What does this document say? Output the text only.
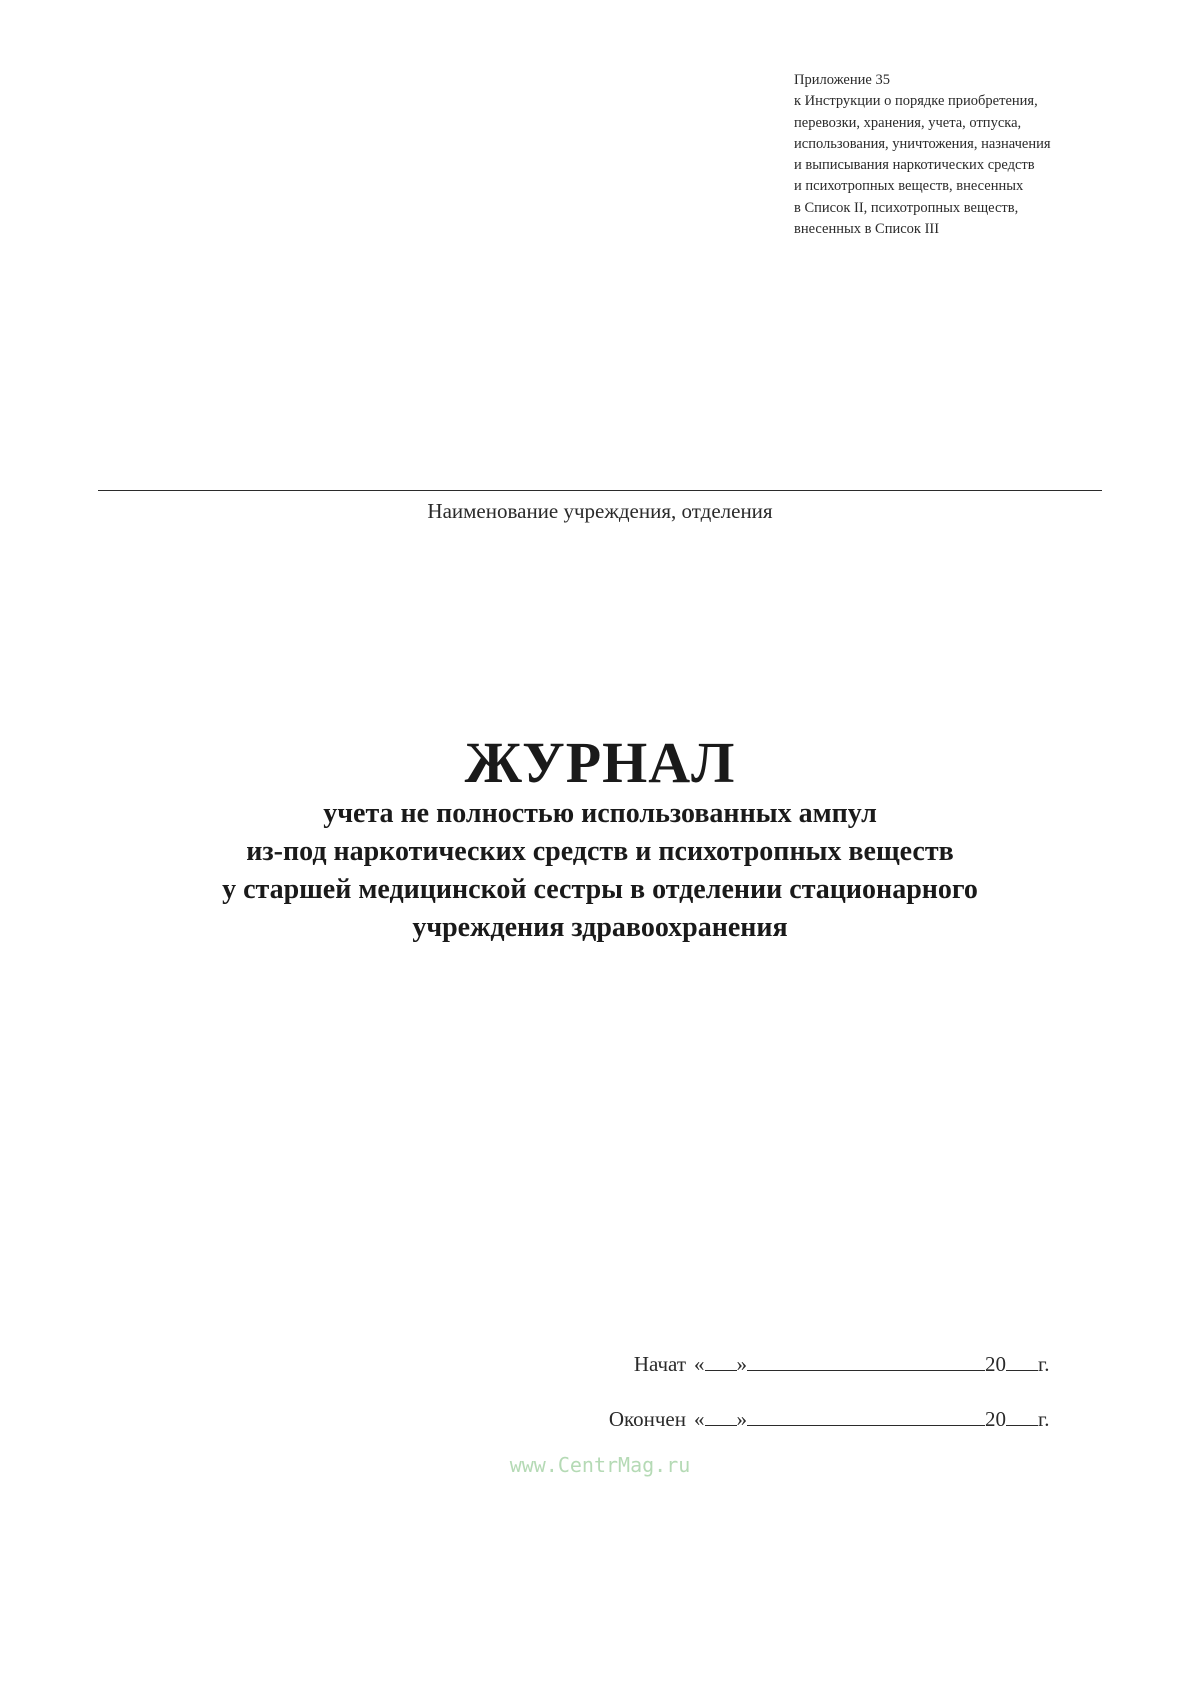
Приложение 35
к Инструкции о порядке приобретения,
перевозки, хранения, учета, отпуска,
использования, уничтожения, назначения
и выписывания наркотических средств
и психотропных веществ, внесенных
в Список II, психотропных веществ,
внесенных в Список III
Наименование учреждения, отделения
ЖУРНАЛ
учета не полностью использованных ампул
из-под наркотических средств и психотропных веществ
у старшей медицинской сестры в отделении стационарного
учреждения здравоохранения
Начат « »	20 г.
Окончен « »	20 г.
www.CentrMag.ru
